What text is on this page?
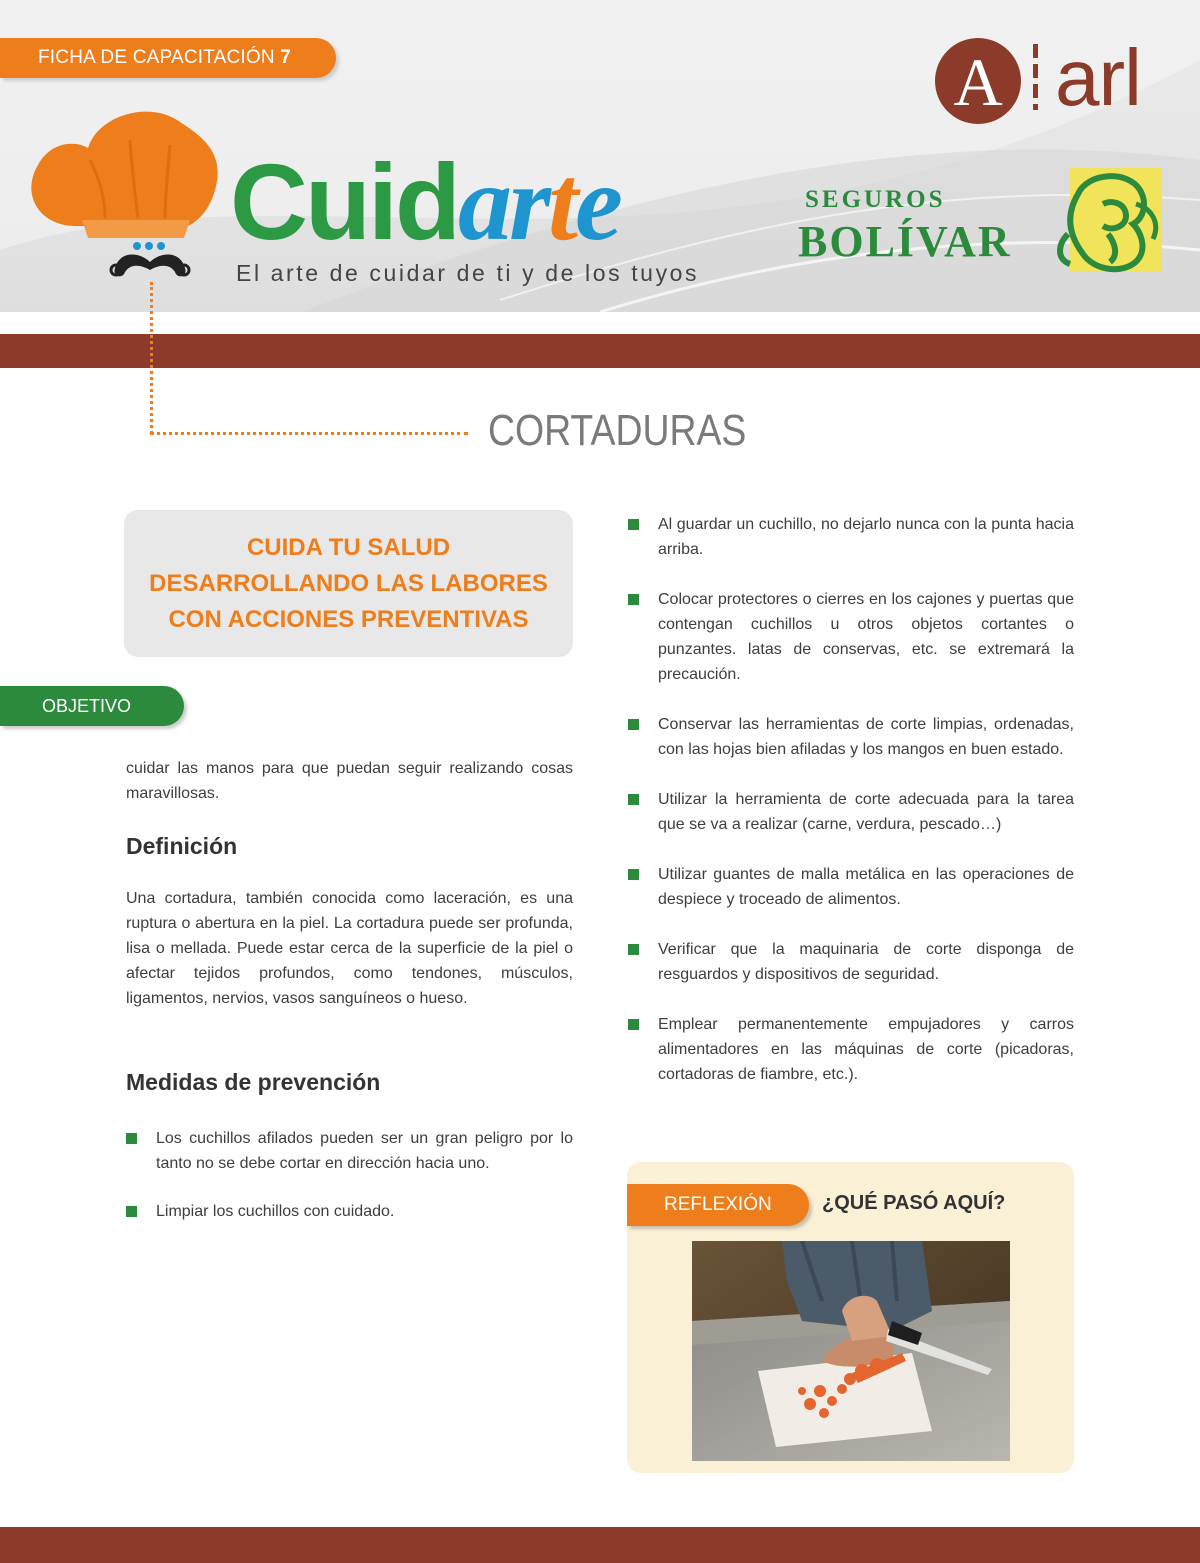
FICHA DE CAPACITACIÓN 7	A arl
Cuidarte
El arte de cuidar de ti y de los tuyos
SEGUROS
BOLÍVAR
CORTADURAS
CUIDA TU SALUD
DESARROLLANDO LAS LABORES
CON ACCIONES PREVENTIVAS
OBJETIVO

cuidar las manos para que puedan seguir realizando cosas maravillosas.

Definición

Una cortadura, también conocida como laceración, es una ruptura o abertura en la piel. La cortadura puede ser profunda, lisa o mellada. Puede estar cerca de la superficie de la piel o afectar tejidos profundos, como tendones, músculos, ligamentos, nervios, vasos sanguíneos o hueso.

Medidas de prevención
Los cuchillos afilados pueden ser un gran peligro por lo tanto no se debe cortar en dirección hacia uno.
Limpiar los cuchillos con cuidado.
Al guardar un cuchillo, no dejarlo nunca con la punta hacia arriba.
Colocar protectores o cierres en los cajones y puertas que contengan cuchillos u otros objetos cortantes o punzantes. latas de conservas, etc. se extremará la precaución.
Conservar las herramientas de corte limpias, ordenadas, con las hojas bien afiladas y los mangos en buen estado.
Utilizar la herramienta de corte adecuada para la tarea que se va a realizar (carne, verdura, pescado…)
Utilizar guantes de malla metálica en las operaciones de despiece y troceado de alimentos.
Verificar que la maquinaria de corte disponga de resguardos y dispositivos de seguridad.
Emplear permanentemente empujadores y carros alimentadores en las máquinas de corte (picadoras, cortadoras de fiambre, etc.).
REFLEXIÓN	¿QUÉ PASÓ AQUÍ?
